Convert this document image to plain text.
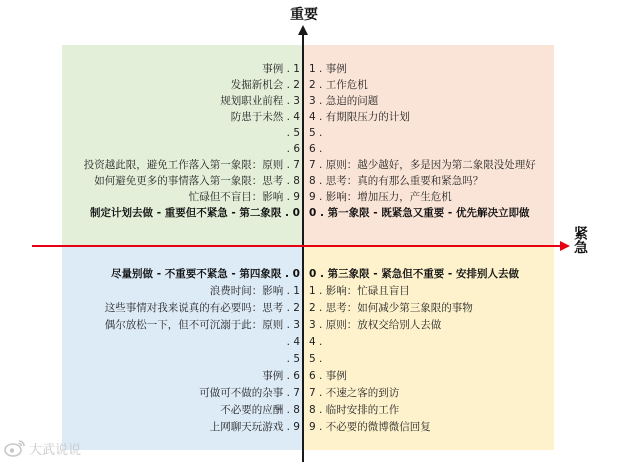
重要
紧急
事例 . 1
发掘新机会 . 2
规划职业前程 . 3
防患于未然 . 4
. 5
. 6
投资越此限，避免工作落入第一象限：原则 . 7
如何避免更多的事情落入第一象限：思考 . 8
忙碌但不盲目：影响 . 9
制定计划去做 - 重要但不紧急 - 第二象限 . 0
1 . 事例
2 . 工作危机
3 . 急迫的问题
4 . 有期限压力的计划
5 .
6 .
7 . 原则：越少越好，多是因为第二象限没处理好
8 . 思考：真的有那么重要和紧急吗？
9 . 影响：增加压力，产生危机
0 . 第一象限 - 既紧急又重要 - 优先解决立即做
尽量别做 - 不重要不紧急 - 第四象限 . 0
浪费时间：影响 . 1
这些事情对我来说真的有必要吗：思考 . 2
偶尔放松一下，但不可沉溺于此：原则 . 3
. 4
. 5
事例 . 6
可做可不做的杂事 . 7
不必要的应酬 . 8
上网聊天玩游戏 . 9
0 . 第三象限 - 紧急但不重要 - 安排别人去做
1 . 影响：忙碌且盲目
2 . 思考：如何减少第三象限的事物
3 . 原则：放权交给别人去做
4 .
5 .
6 . 事例
7 . 不速之客的到访
8 . 临时安排的工作
9 . 不必要的微博微信回复
大武说说
